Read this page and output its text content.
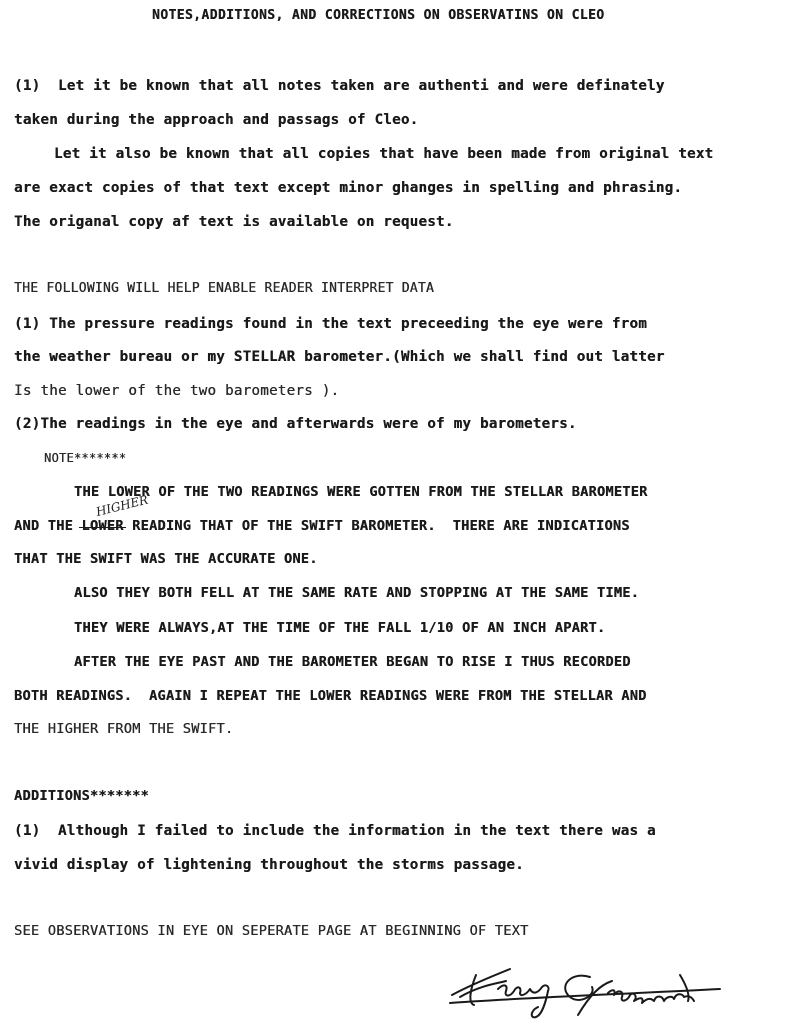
NOTES,ADDITIONS, AND CORRECTIONS ON OBSERVATINS ON CLEO
(1)  Let it be known that all notes taken are authenti and were definately
taken during the approach and passags of Cleo.
Let it also be known that all copies that have been made from original text
are exact copies of that text except minor ghanges in spelling and phrasing.
The origanal copy af text is available on request.
THE FOLLOWING WILL HELP ENABLE READER INTERPRET DATA
(1) The pressure readings found in the text preceeding the eye were from
the weather bureau or my STELLAR barometer.(Which we shall find out latter
Is the lower of the two barometers ).
(2)The readings in the eye and afterwards were of my barometers.
NOTE*******
THE LOWER OF THE TWO READINGS WERE GOTTEN FROM THE STELLAR BAROMETER
AND THE LOWER READING THAT OF THE SWIFT BAROMETER.  THERE ARE INDICATIONS
HIGHER
THAT THE SWIFT WAS THE ACCURATE ONE.
ALSO THEY BOTH FELL AT THE SAME RATE AND STOPPING AT THE SAME TIME.
THEY WERE ALWAYS,AT THE TIME OF THE FALL 1/10 OF AN INCH APART.
AFTER THE EYE PAST AND THE BAROMETER BEGAN TO RISE I THUS RECORDED
BOTH READINGS.  AGAIN I REPEAT THE LOWER READINGS WERE FROM THE STELLAR AND
THE HIGHER FROM THE SWIFT.
ADDITIONS*******
(1)  Although I failed to include the information in the text there was a
vivid display of lightening throughout the storms passage.
SEE OBSERVATIONS IN EYE ON SEPERATE PAGE AT BEGINNING OF TEXT
